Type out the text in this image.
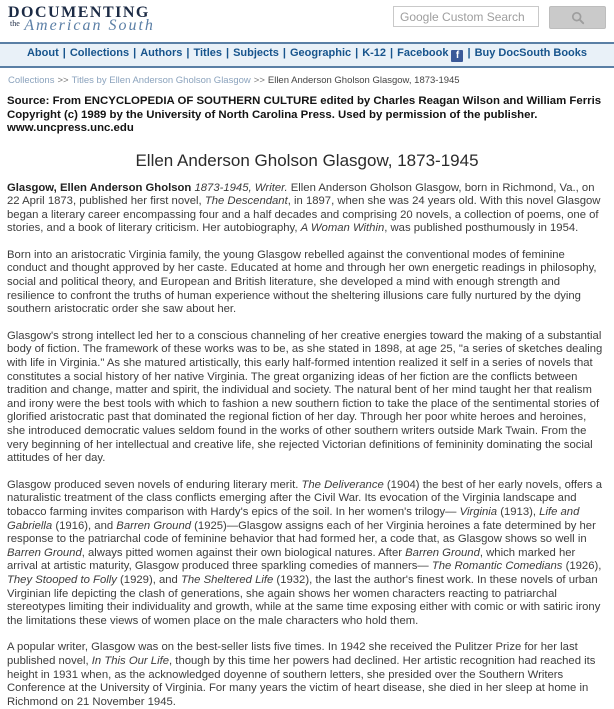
DOCUMENTING
$^{the}$ American South
Google Custom Search
About | Collections | Authors | Titles | Subjects | Geographic | K-12 | Facebook f | Buy DocSouth Books
Collections >> Titles by Ellen Anderson Gholson Glasgow >> Ellen Anderson Gholson Glasgow, 1873-1945

Source: From ENCYCLOPEDIA OF SOUTHERN CULTURE edited by Charles Reagan Wilson and William Ferris Copyright (c) 1989 by the University of North Carolina Press. Used by permission of the publisher. www.uncpress.unc.edu

Ellen Anderson Gholson Glasgow, 1873-1945

Glasgow, Ellen Anderson Gholson 1873-1945, Writer. Ellen Anderson Gholson Glasgow, born in Richmond, Va., on 22 April 1873, published her first novel, The Descendant, in 1897, when she was 24 years old. With this novel Glasgow began a literary career encompassing four and a half decades and comprising 20 novels, a collection of poems, one of stories, and a book of literary criticism. Her autobiography, A Woman Within, was published posthumously in 1954.

Born into an aristocratic Virginia family, the young Glasgow rebelled against the conventional modes of feminine conduct and thought approved by her caste. Educated at home and through her own energetic readings in philosophy, social and political theory, and European and British literature, she developed a mind with enough strength and resilience to confront the truths of human experience without the sheltering illusions care fully nurtured by the dying southern aristocratic order she saw about her.

Glasgow's strong intellect led her to a conscious channeling of her creative energies toward the making of a substantial body of fiction. The framework of these works was to be, as she stated in 1898, at age 25, "a series of sketches dealing with life in Virginia." As she matured artistically, this early half-formed intention realized it self in a series of novels that constitutes a social history of her native Virginia. The great organizing ideas of her fiction are the conflicts between tradition and change, matter and spirit, the individual and society. The natural bent of her mind taught her that realism and irony were the best tools with which to fashion a new southern fiction to take the place of the sentimental stories of glorified aristocratic past that dominated the regional fiction of her day. Through her poor white heroes and heroines, she introduced democratic values seldom found in the works of other southern writers outside Mark Twain. From the very beginning of her intellectual and creative life, she rejected Victorian definitions of femininity dominating the social attitudes of her day.

Glasgow produced seven novels of enduring literary merit. The Deliverance (1904) the best of her early novels, offers a naturalistic treatment of the class conflicts emerging after the Civil War. Its evocation of the Virginia landscape and tobacco farming invites comparison with Hardy's epics of the soil. In her women's trilogy— Virginia (1913), Life and Gabriella (1916), and Barren Ground (1925)—Glasgow assigns each of her Virginia heroines a fate determined by her response to the patriarchal code of feminine behavior that had formed her, a code that, as Glasgow shows so well in Barren Ground, always pitted women against their own biological natures. After Barren Ground, which marked her arrival at artistic maturity, Glasgow produced three sparkling comedies of manners— The Romantic Comedians (1926), They Stooped to Folly (1929), and The Sheltered Life (1932), the last the author's finest work. In these novels of urban Virginian life depicting the clash of generations, she again shows her women characters reacting to patriarchal stereotypes limiting their individuality and growth, while at the same time exposing either with comic or with satiric irony the limitations these views of women place on the male characters who hold them.

A popular writer, Glasgow was on the best-seller lists five times. In 1942 she received the Pulitzer Prize for her last published novel, In This Our Life, though by this time her powers had declined. Her artistic recognition had reached its height in 1931 when, as the acknowledged doyenne of southern letters, she presided over the Southern Writers Conference at the University of Virginia. For many years the victim of heart disease, she died in her sleep at home in Richmond on 21 November 1945.
